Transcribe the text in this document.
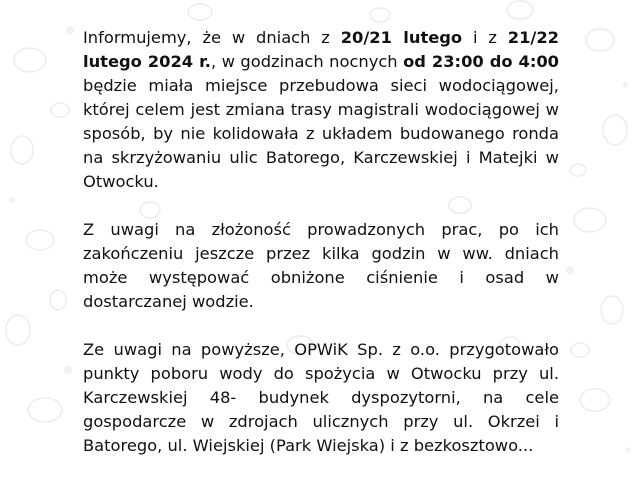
Informujemy, że w dniach z 20/21 lutego i z 21/22 lutego 2024 r., w godzinach nocnych od 23:00 do 4:00 będzie miała miejsce przebudowa sieci wodociągowej, której celem jest zmiana trasy magistrali wodociągowej w sposób, by nie kolidowała z układem budowanego ronda na skrzyżowaniu ulic Batorego, Karczewskiej i Matejki w Otwocku.

Z uwagi na złożoność prowadzonych prac, po ich zakończeniu jeszcze przez kilka godzin w ww. dniach może występować obniżone ciśnienie i osad w dostarczanej wodzie.

Ze uwagi na powyższe, OPWiK Sp. z o.o. przygotowało punkty poboru wody do spożycia w Otwocku przy ul. Karczewskiej 48- budynek dyspozytorni, na cele gospodarcze w zdrojach ulicznych przy ul. Okrzei i Batorego, ul. Wiejskiej (Park Wiejska) i z bezkosztowo...
